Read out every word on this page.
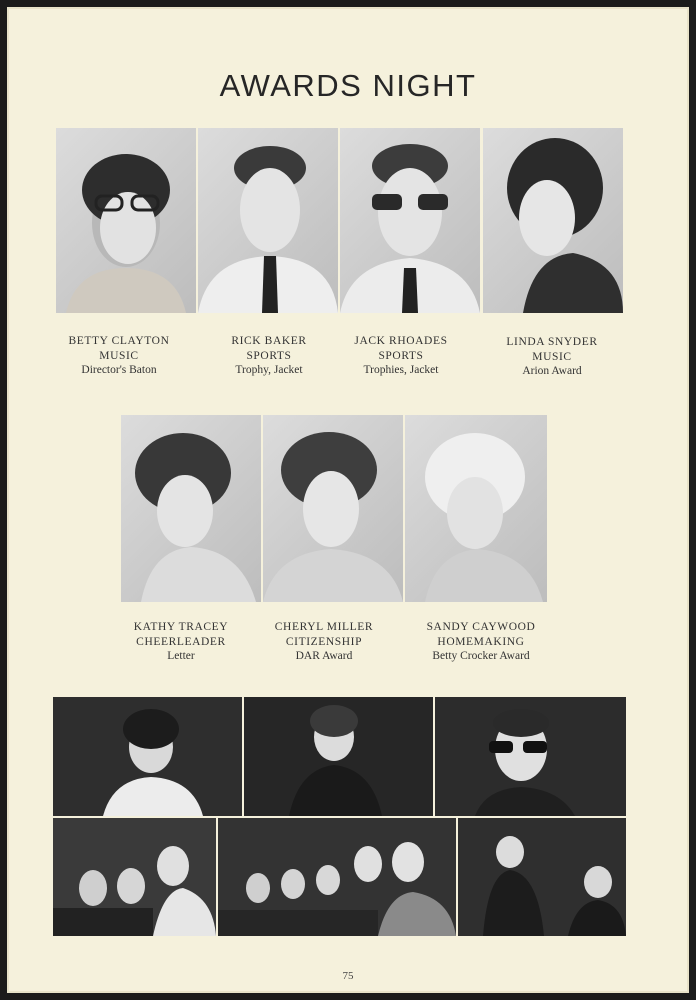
AWARDS NIGHT
BETTY CLAYTON
MUSIC
Director's Baton
RICK BAKER
SPORTS
Trophy, Jacket
JACK RHOADES
SPORTS
Trophies, Jacket
LINDA SNYDER
MUSIC
Arion Award
KATHY TRACEY
CHEERLEADER
Letter
CHERYL MILLER
CITIZENSHIP
DAR Award
SANDY CAYWOOD
HOMEMAKING
Betty Crocker Award
75
